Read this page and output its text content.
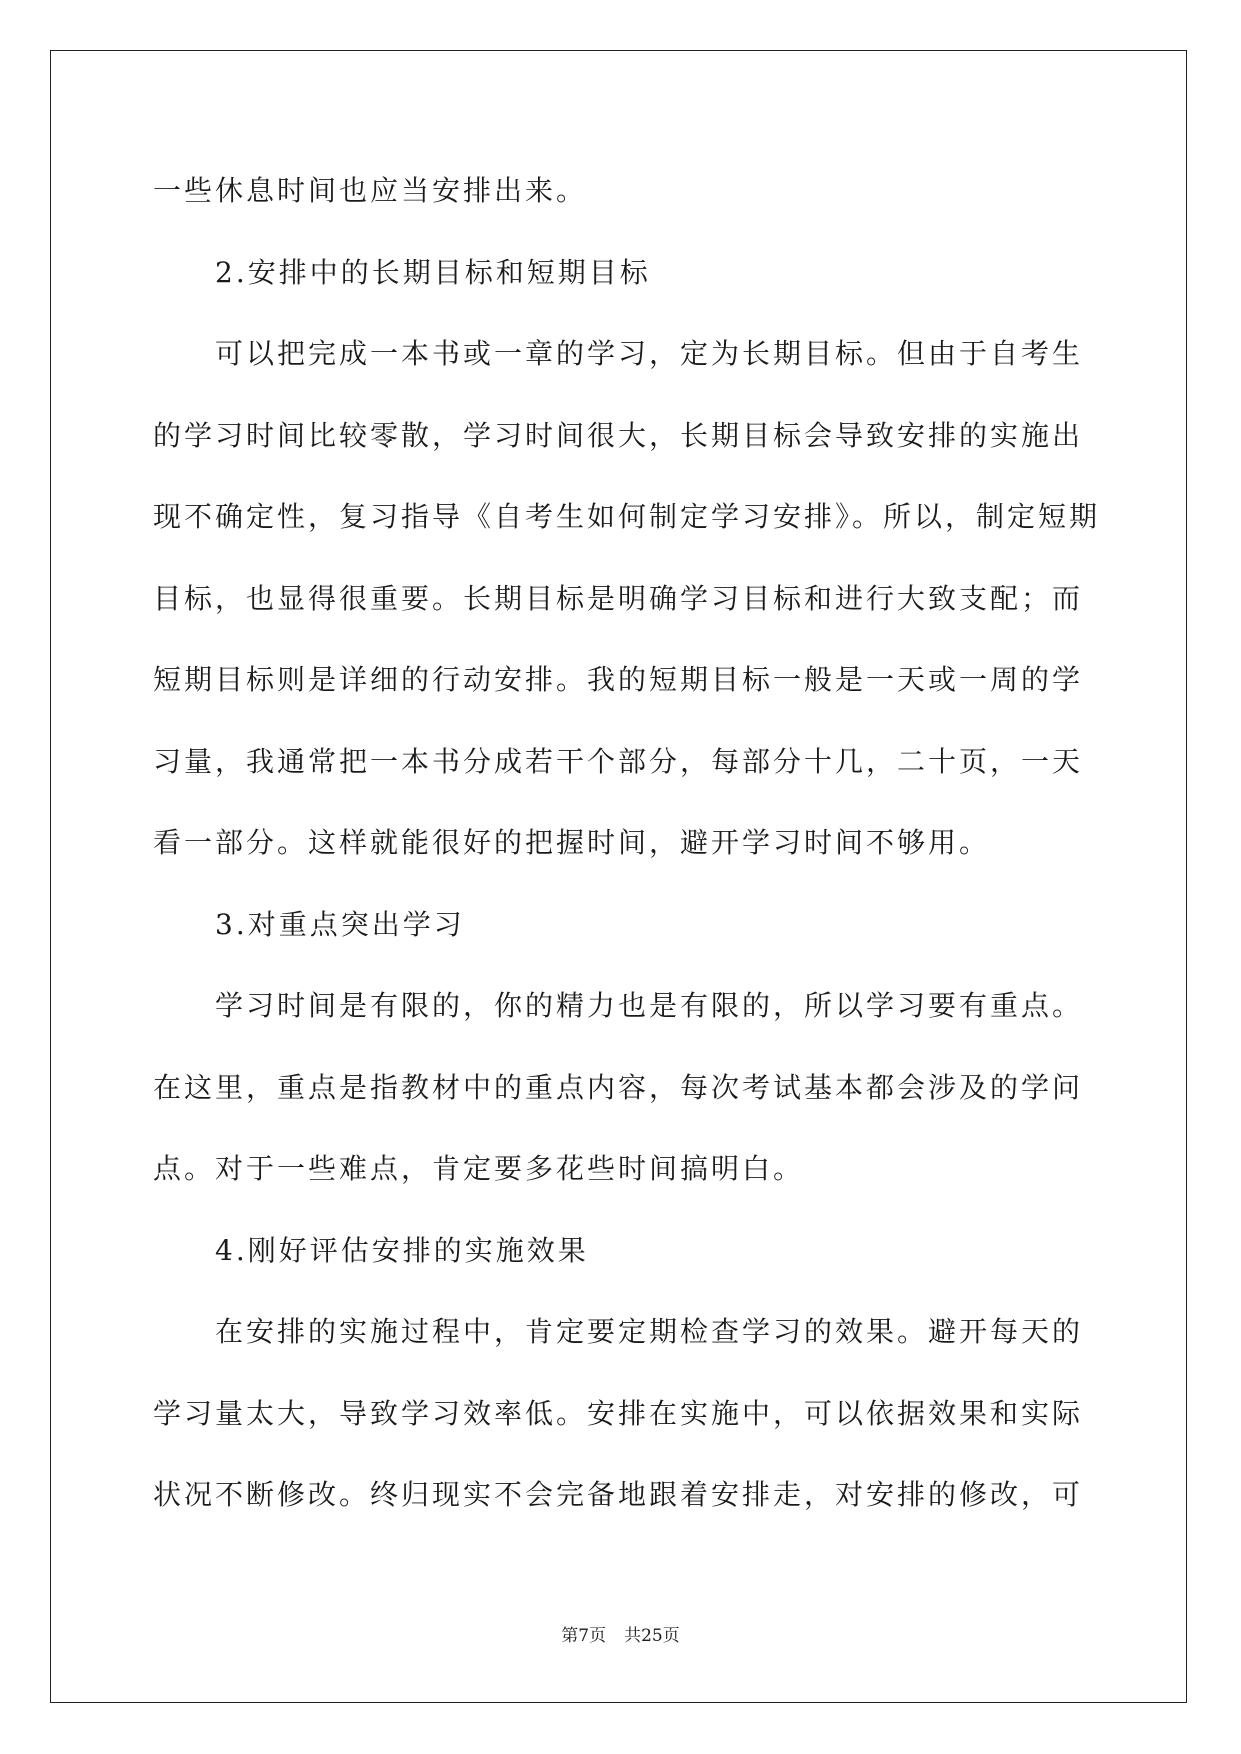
一些休息时间也应当安排出来。
2.安排中的长期目标和短期目标
可以把完成一本书或一章的学习，定为长期目标。但由于自考生
的学习时间比较零散，学习时间很大，长期目标会导致安排的实施出
现不确定性，复习指导《自考生如何制定学习安排》。所以，制定短期
目标，也显得很重要。长期目标是明确学习目标和进行大致支配；而
短期目标则是详细的行动安排。我的短期目标一般是一天或一周的学
习量，我通常把一本书分成若干个部分，每部分十几，二十页，一天
看一部分。这样就能很好的把握时间，避开学习时间不够用。
3.对重点突出学习
学习时间是有限的，你的精力也是有限的，所以学习要有重点。
在这里，重点是指教材中的重点内容，每次考试基本都会涉及的学问
点。对于一些难点，肯定要多花些时间搞明白。
4.刚好评估安排的实施效果
在安排的实施过程中，肯定要定期检查学习的效果。避开每天的
学习量太大，导致学习效率低。安排在实施中，可以依据效果和实际
状况不断修改。终归现实不会完备地跟着安排走，对安排的修改，可
第7页 共25页
